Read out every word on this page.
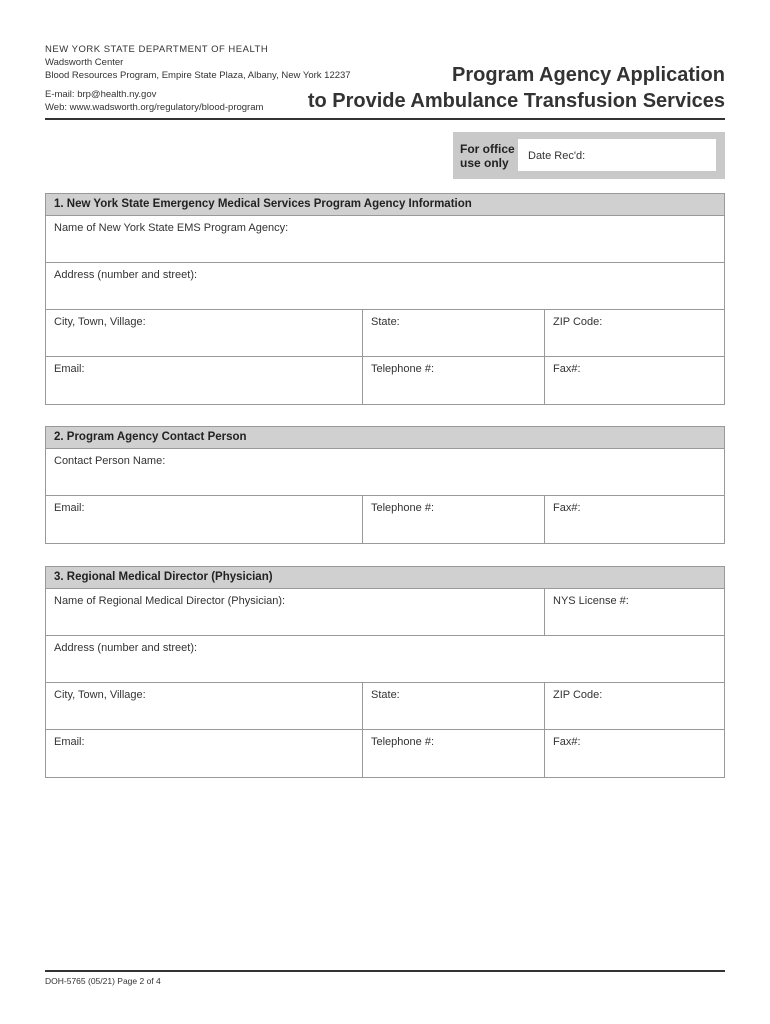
NEW YORK STATE DEPARTMENT OF HEALTH
Wadsworth Center
Blood Resources Program, Empire State Plaza, Albany, New York 12237
E-mail: brp@health.ny.gov
Web: www.wadsworth.org/regulatory/blood-program
Program Agency Application
to Provide Ambulance Transfusion Services
For office
use only	Date Rec'd:
1. New York State Emergency Medical Services Program Agency Information
Name of New York State EMS Program Agency:
Address (number and street):
City, Town, Village:	State:	ZIP Code:
Email:	Telephone #:	Fax#:
2. Program Agency Contact Person
Contact Person Name:
Email:	Telephone #:	Fax#:
3. Regional Medical Director (Physician)
Name of Regional Medical Director (Physician):	NYS License #:
Address (number and street):
City, Town, Village:	State:	ZIP Code:
Email:	Telephone #:	Fax#:
DOH-5765 (05/21) Page 2 of 4
